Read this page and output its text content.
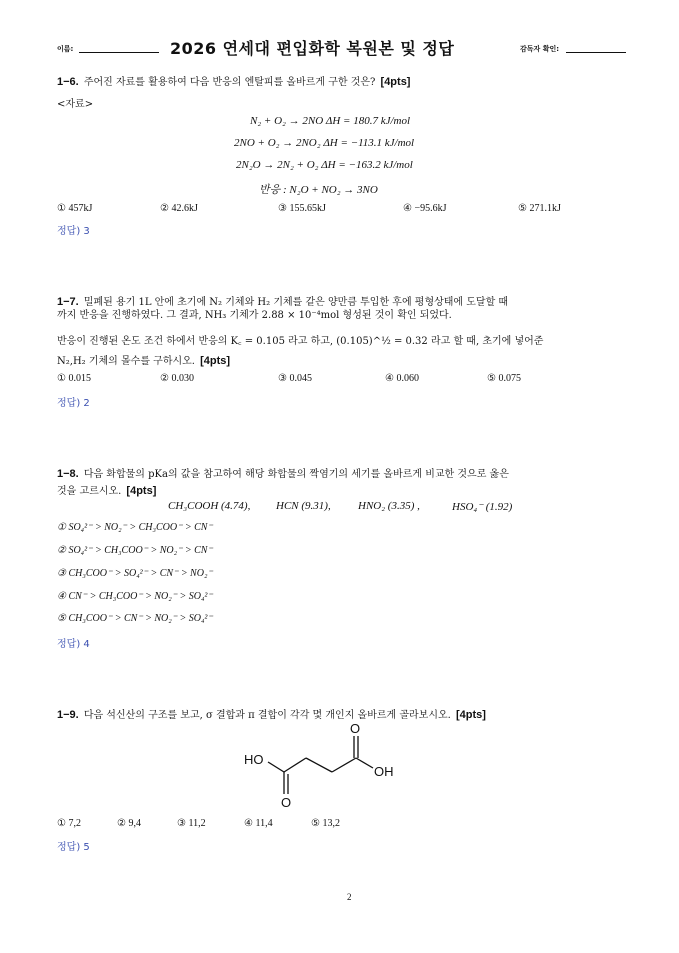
이름:	2026 연세대 편입화학 복원본 및 정답	감독자 확인:
1−6. 주어진 자료를 활용하여 다음 반응의 엔탈피를 올바르게 구한 것은? [4pts]
<자료>
N₂ + O₂ → 2NO ΔH = 180.7 kJ/mol
2NO + O₂ → 2NO₂ ΔH = −113.1 kJ/mol
2N₂O → 2N₂ + O₂ ΔH = −163.2 kJ/mol
반응 : N₂O + NO₂ → 3NO
① 457kJ	② 42.6kJ	③ 155.65kJ	④ −95.6kJ	⑤ 271.1kJ
정답) 3
1−7. 밀폐된 용기 1L 안에 초기에 N₂ 기체와 H₂ 기체를 같은 양만큼 투입한 후에 평형상태에 도달할 때
까지 반응을 진행하였다. 그 결과, NH₃ 기체가 2.88 × 10⁻⁴mol 형성된 것이 확인 되었다.
반응이 진행된 온도 조건 하에서 반응의 K꜀ = 0.105 라고 하고, (0.105)^½ = 0.32 라고 할 때, 초기에 넣어준
N₂,H₂ 기체의 몰수를 구하시오. [4pts]
① 0.015	② 0.030	③ 0.045	④ 0.060	⑤ 0.075
정답) 2
1−8. 다음 화합물의 pKa의 값을 참고하여 해당 화합물의 짝염기의 세기를 올바르게 비교한 것으로 옳은
것을 고르시오. [4pts]
CH₃COOH (4.74), HCN (9.31), HNO₂ (3.35) ,	HSO₄⁻ (1.92)
① SO₄²⁻ > NO₂⁻ > CH₃COO⁻ > CN⁻
② SO₄²⁻ > CH₃COO⁻ > NO₂⁻ > CN⁻
③ CH₃COO⁻ > SO₄²⁻ > CN⁻ > NO₂⁻
④ CN⁻ > CH₃COO⁻ > NO₂⁻ > SO₄²⁻
⑤ CH₃COO⁻ > CN⁻ > NO₂⁻ > SO₄²⁻
정답) 4
1−9. 다음 석신산의 구조를 보고, σ 결합과 π 결합이 각각 몇 개인지 올바르게 골라보시오. [4pts]
HO
OH
O
O
① 7,2	② 9,4	③ 11,2	④ 11,4	⑤ 13,2
정답) 5
2
